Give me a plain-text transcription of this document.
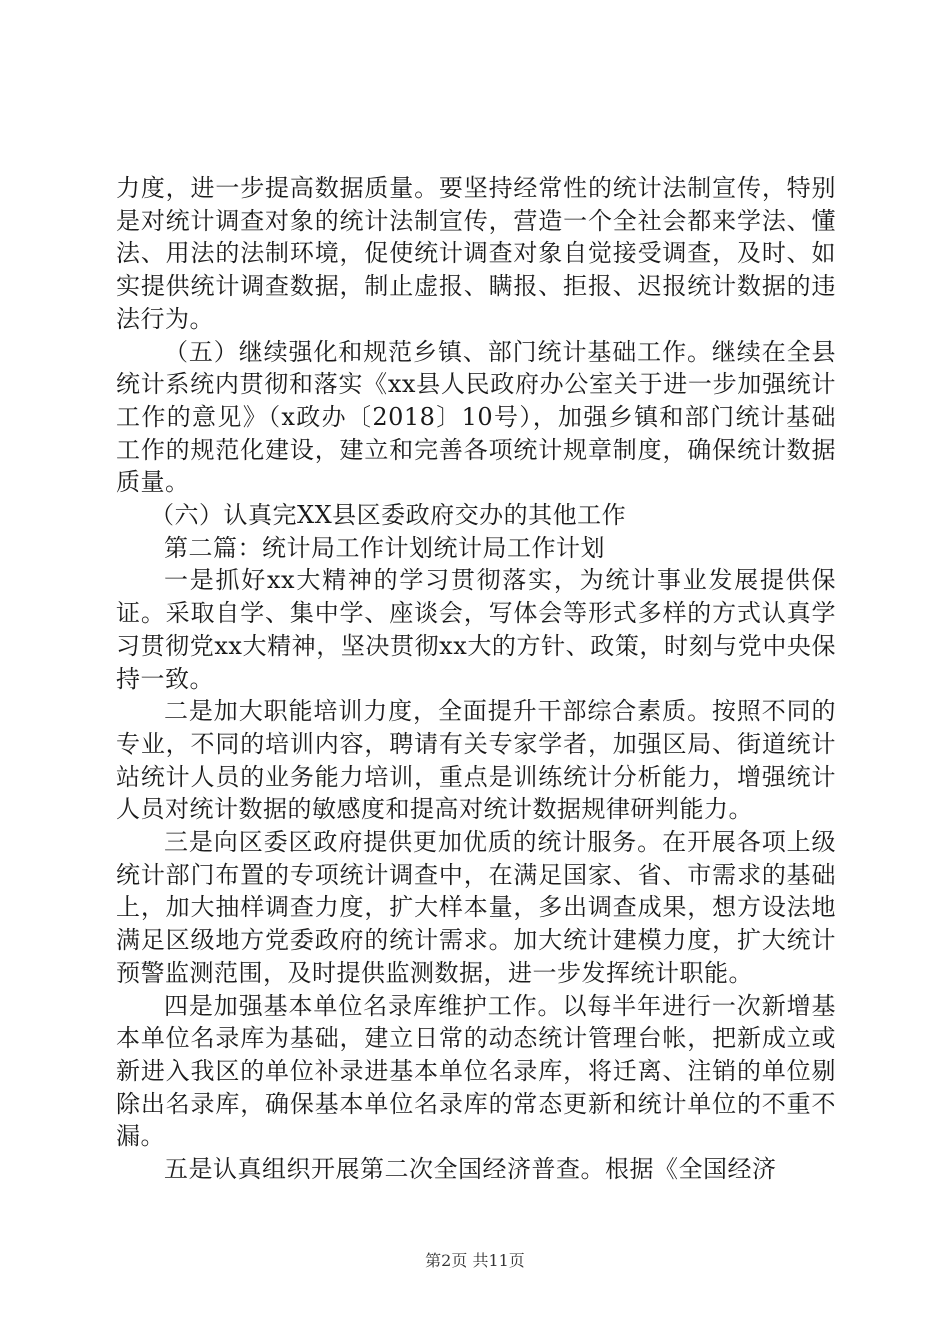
力度，进一步提高数据质量。要坚持经常性的统计法制宣传，特别是对统计调查对象的统计法制宣传，营造一个全社会都来学法、懂法、用法的法制环境，促使统计调查对象自觉接受调查，及时、如实提供统计调查数据，制止虚报、瞒报、拒报、迟报统计数据的违法行为。

（五）继续强化和规范乡镇、部门统计基础工作。继续在全县统计系统内贯彻和落实《xx县人民政府办公室关于进一步加强统计工作的意见》（x政办〔2018〕10号），加强乡镇和部门统计基础工作的规范化建设，建立和完善各项统计规章制度，确保统计数据质量。

（六）认真完XX县区委政府交办的其他工作

第二篇：统计局工作计划统计局工作计划

一是抓好xx大精神的学习贯彻落实，为统计事业发展提供保证。采取自学、集中学、座谈会，写体会等形式多样的方式认真学习贯彻党xx大精神，坚决贯彻xx大的方针、政策，时刻与党中央保持一致。

二是加大职能培训力度，全面提升干部综合素质。按照不同的专业，不同的培训内容，聘请有关专家学者，加强区局、街道统计站统计人员的业务能力培训，重点是训练统计分析能力，增强统计人员对统计数据的敏感度和提高对统计数据规律研判能力。

三是向区委区政府提供更加优质的统计服务。在开展各项上级统计部门布置的专项统计调查中，在满足国家、省、市需求的基础上，加大抽样调查力度，扩大样本量，多出调查成果，想方设法地满足区级地方党委政府的统计需求。加大统计建模力度，扩大统计预警监测范围，及时提供监测数据，进一步发挥统计职能。

四是加强基本单位名录库维护工作。以每半年进行一次新增基本单位名录库为基础，建立日常的动态统计管理台帐，把新成立或新进入我区的单位补录进基本单位名录库，将迁离、注销的单位剔除出名录库，确保基本单位名录库的常态更新和统计单位的不重不漏。

五是认真组织开展第二次全国经济普查。根据《全国经济

第2页 共11页
